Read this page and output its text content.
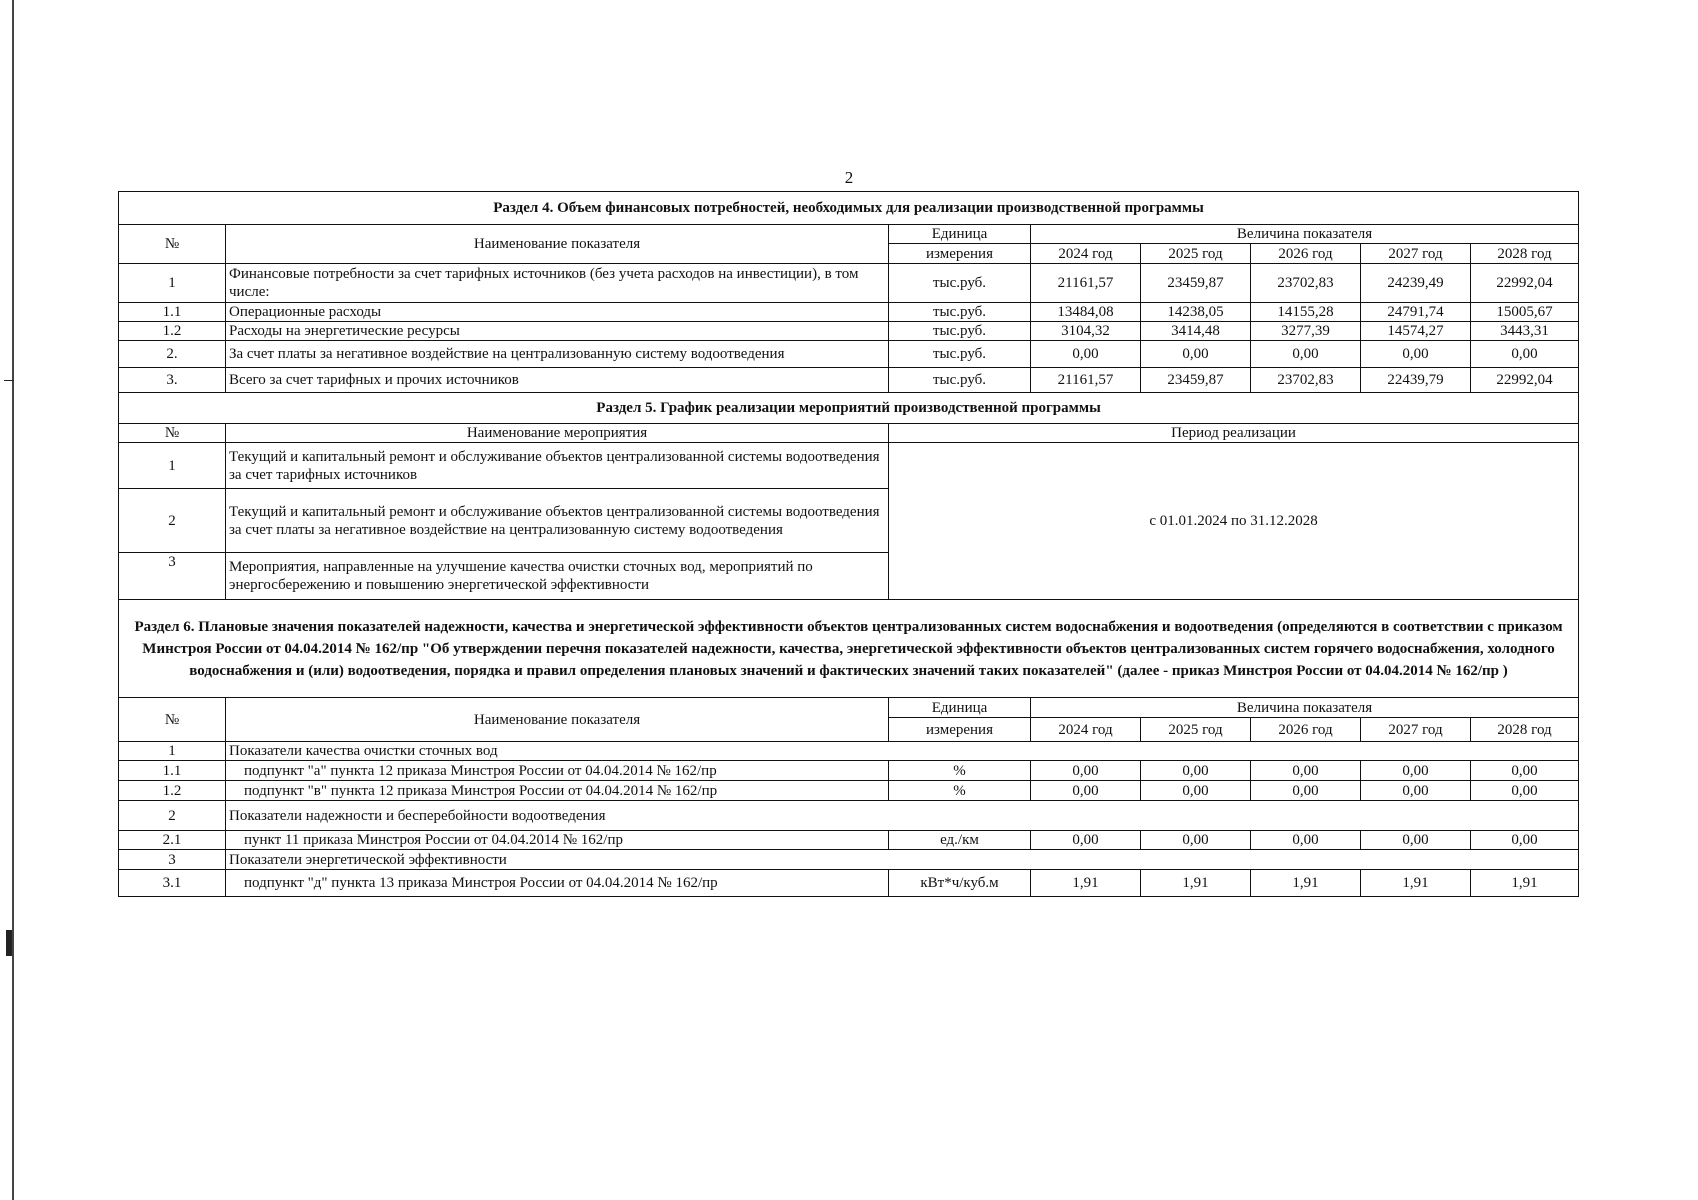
2
Раздел 4. Объем финансовых потребностей, необходимых для реализации производственной программы							
№	Наименование показателя	Единица	Величина показателя				
		измерения	2024 год	2025 год	2026 год	2027 год	2028 год
1	Финансовые потребности за счет тарифных источников (без учета расходов на инвестиции), в том числе:	тыс.руб.	21161,57	23459,87	23702,83	24239,49	22992,04
1.1	Операционные расходы	тыс.руб.	13484,08	14238,05	14155,28	24791,74	15005,67
1.2	Расходы на энергетические ресурсы	тыс.руб.	3104,32	3414,48	3277,39	14574,27	3443,31
2.	За счет платы за негативное воздействие на централизованную систему водоотведения	тыс.руб.	0,00	0,00	0,00	0,00	0,00
3.	Всего за счет тарифных и прочих источников	тыс.руб.	21161,57	23459,87	23702,83	22439,79	22992,04
Раздел 5. График реализации мероприятий производственной программы							
№	Наименование мероприятия	Период реализации					
1	Текущий и капитальный ремонт и обслуживание объектов централизованной системы водоотведения за счет тарифных источников	с 01.01.2024 по 31.12.2028					
2	Текущий и капитальный ремонт и обслуживание объектов централизованной системы водоотведения за счет платы за негативное воздействие на централизованную систему водоотведения						
3	Мероприятия, направленные на улучшение качества очистки сточных вод, мероприятий по энергосбережению и повышению энергетической эффективности						
Раздел 6. Плановые значения показателей надежности, качества и энергетической эффективности объектов централизованных систем водоснабжения и водоотведения (определяются в соответствии с приказом Минстроя России от 04.04.2014 № 162/пр "Об утверждении перечня показателей надежности, качества, энергетической эффективности объектов централизованных систем горячего водоснабжения, холодного водоснабжения и (или) водоотведения, порядка и правил определения плановых значений и фактических значений таких показателей" (далее - приказ Минстроя России от 04.04.2014 № 162/пр )							
№	Наименование показателя	Единица	Величина показателя				
		измерения	2024 год	2025 год	2026 год	2027 год	2028 год
1	Показатели качества очистки сточных вод						
1.1	подпункт "а" пункта 12 приказа Минстроя России от 04.04.2014 № 162/пр	%	0,00	0,00	0,00	0,00	0,00
1.2	подпункт "в" пункта 12 приказа Минстроя России от 04.04.2014 № 162/пр	%	0,00	0,00	0,00	0,00	0,00
2	Показатели надежности и бесперебойности водоотведения						
2.1	пункт 11 приказа Минстроя России от 04.04.2014 № 162/пр	ед./км	0,00	0,00	0,00	0,00	0,00
3	Показатели энергетической эффективности						
3.1	подпункт "д" пункта 13 приказа Минстроя России от 04.04.2014 № 162/пр	кВт*ч/куб.м	1,91	1,91	1,91	1,91	1,91
